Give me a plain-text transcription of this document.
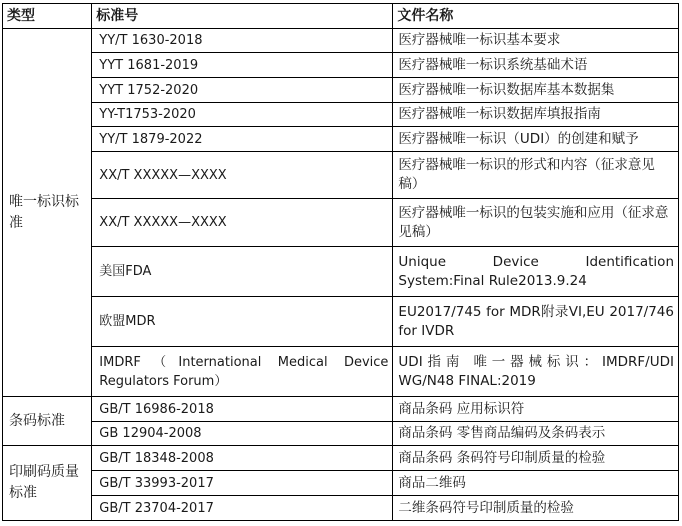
类型	标准号	文件名称
唯一标识标准	YY/T 1630-2018	医疗器械唯一标识基本要求
	YYT 1681-2019	医疗器械唯一标识系统基础术语
	YYT 1752-2020	医疗器械唯一标识数据库基本数据集
	YY-T1753-2020	医疗器械唯一标识数据库填报指南
	YY/T 1879-2022	医疗器械唯一标识（UDI）的创建和赋予
	XX/T XXXXX—XXXX	医疗器械唯一标识的形式和内容（征求意见稿）
	XX/T XXXXX—XXXX	医疗器械唯一标识的包装实施和应用（征求意见稿）
	美国FDA	Unique Device Identification System:Final Rule2013.9.24
	欧盟MDR	EU2017/745 for MDR附录VI,EU 2017/746 for IVDR
	IMDRF（International Medical Device Regulators Forum）	UDI指南 唯一器械标识：IMDRF/UDI WG/N48 FINAL:2019
条码标准	GB/T 16986-2018	商品条码 应用标识符
	GB 12904-2008	商品条码 零售商品编码及条码表示
印刷码质量标准	GB/T 18348-2008	商品条码 条码符号印制质量的检验
	GB/T 33993-2017	商品二维码
	GB/T 23704-2017	二维条码符号印制质量的检验
